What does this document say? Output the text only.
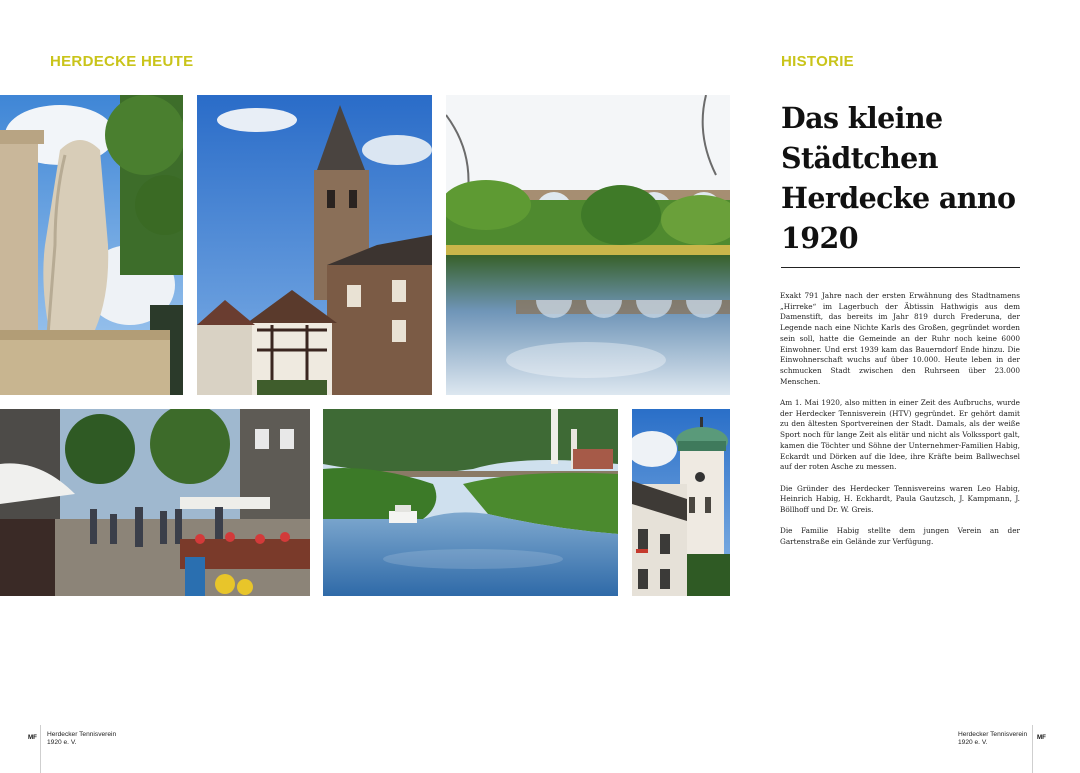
HERDECKE HEUTE	HISTORIE
Das kleine
Städtchen
Herdecke anno
1920

Exakt 791 Jahre nach der ersten Erwähnung des Stadtnamens „Hirreke“ im Lagerbuch der Äbtissin Hathwigis aus dem Damenstift, das bereits im Jahr 819 durch Frederuna, der Legende nach eine Nichte Karls des Großen, gegründet worden sein soll, hatte die Gemeinde an der Ruhr noch keine 6000 Einwohner. Und erst 1939 kam das Bauerndorf Ende hinzu. Die Einwohnerschaft wuchs auf über 10.000. Heute leben in der schmucken Stadt zwischen den Ruhrseen über 23.000 Menschen.

Am 1. Mai 1920, also mitten in einer Zeit des Aufbruchs, wurde der Herdecker Tennisverein (HTV) gegründet. Er gehört damit zu den ältesten Sportvereinen der Stadt. Damals, als der weiße Sport noch für lange Zeit als elitär und nicht als Volkssport galt, kamen die Töchter und Söhne der Unternehmer-Familien Habig, Eckardt und Dörken auf die Idee, ihre Kräfte beim Ballwechsel auf der roten Asche zu messen.

Die Gründer des Herdecker Tennisvereins waren Leo Habig, Heinrich Habig, H. Eckhardt, Paula Gautzsch, J. Kampmann, J. Böllhoff und Dr. W. Greis.

Die Familie Habig stellte dem jungen Verein an der Gartenstraße ein Gelände zur Verfügung.

MF Herdecker Tennisverein
1920 e. V.
Herdecker Tennisverein
1920 e. V.
MF
